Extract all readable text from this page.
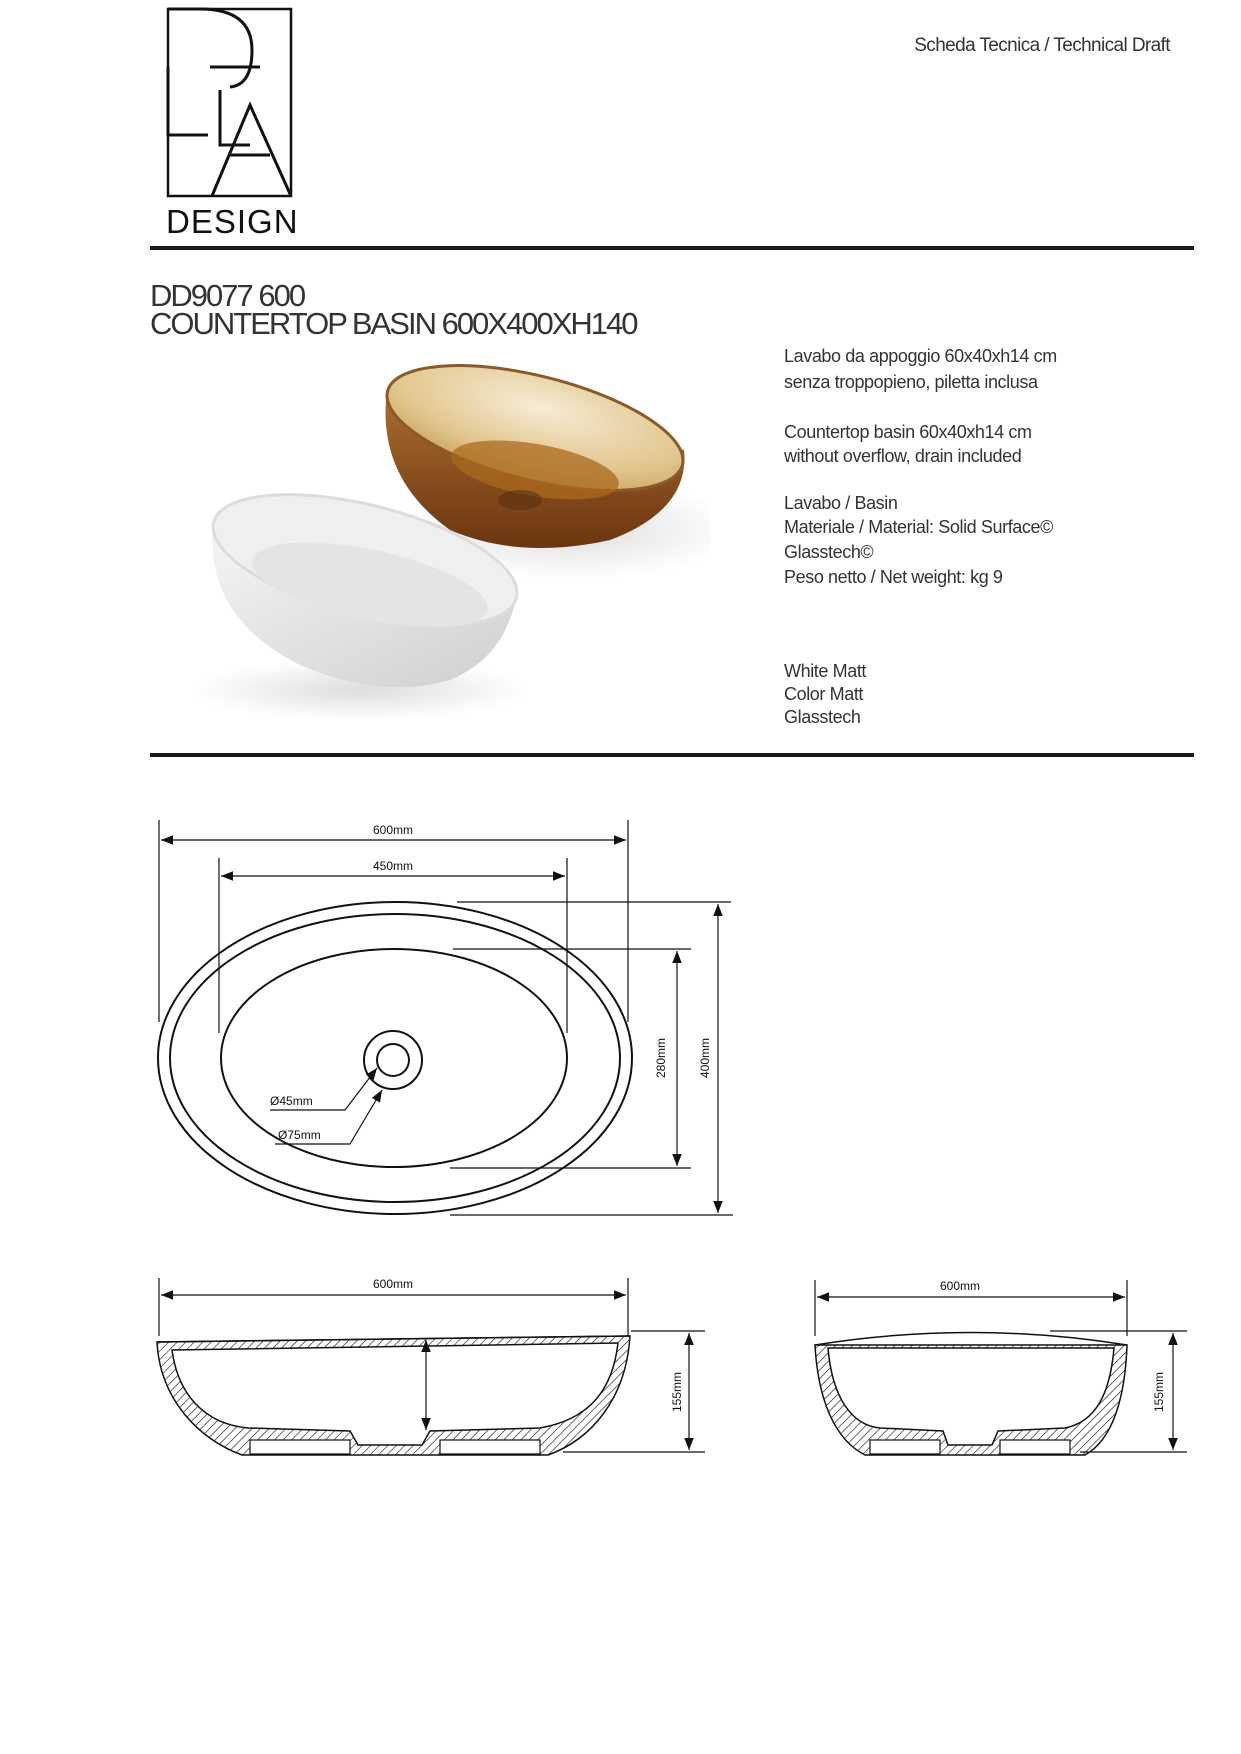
DESIGN
Scheda Tecnica / Technical Draft
DD9077 600
COUNTERTOP BASIN 600X400XH140
Lavabo da appoggio 60x40xh14 cm
senza troppopieno, piletta inclusa
Countertop basin 60x40xh14 cm
without overflow, drain included
Lavabo / Basin
Materiale / Material: Solid Surface©
Glasstech©
Peso netto / Net weight: kg 9
White Matt
Color Matt
Glasstech
600mm
450mm
280mm	400mm
Ø45mm
Ø75mm
600mm
155mm
600mm
155mm
